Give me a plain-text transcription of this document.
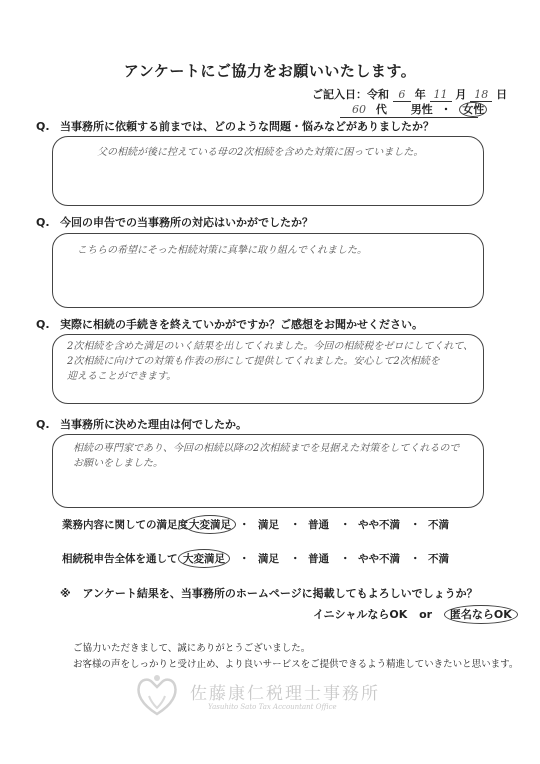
アンケートにご協力をお願いいたします。
ご記入日：令和 6 年 11 月 18 日
60 代 男性 ・ 女性
Q. 当事務所に依頼する前までは、どのような問題・悩みなどがありましたか？
父の相続が後に控えている母の2次相続を含めた対策に困っていました。
Q. 今回の申告での当事務所の対応はいかがでしたか？
こちらの希望にそった相続対策に真摯に取り組んでくれました。
Q. 実際に相続の手続きを終えていかがですか？ご感想をお聞かせください。
2次相続を含めた満足のいく結果を出してくれました。今回の相続税をゼロにしてくれて、
2次相続に向けての対策も作表の形にして提供してくれました。安心して2次相続を
迎えることができます。
Q. 当事務所に決めた理由は何でしたか。
相続の専門家であり、今回の相続以降の2次相続までを見据えた対策をしてくれるので
お願いをしました。
業務内容に関しての満足度 大変満足 ・ 満足 ・ 普通 ・ やや不満 ・ 不満
相続税申告全体を通して 大変満足	・ 満足 ・ 普通 ・ やや不満 ・ 不満
※ アンケート結果を、当事務所のホームページに掲載してもよろしいでしょうか？
イニシャルならOK or 匿名ならOK
ご協力いただきまして、誠にありがとうございました。
お客様の声をしっかりと受け止め、より良いサービスをご提供できるよう精進していきたいと思います。
佐藤康仁税理士事務所
Yasuhito Sato Tax Accountant Office
